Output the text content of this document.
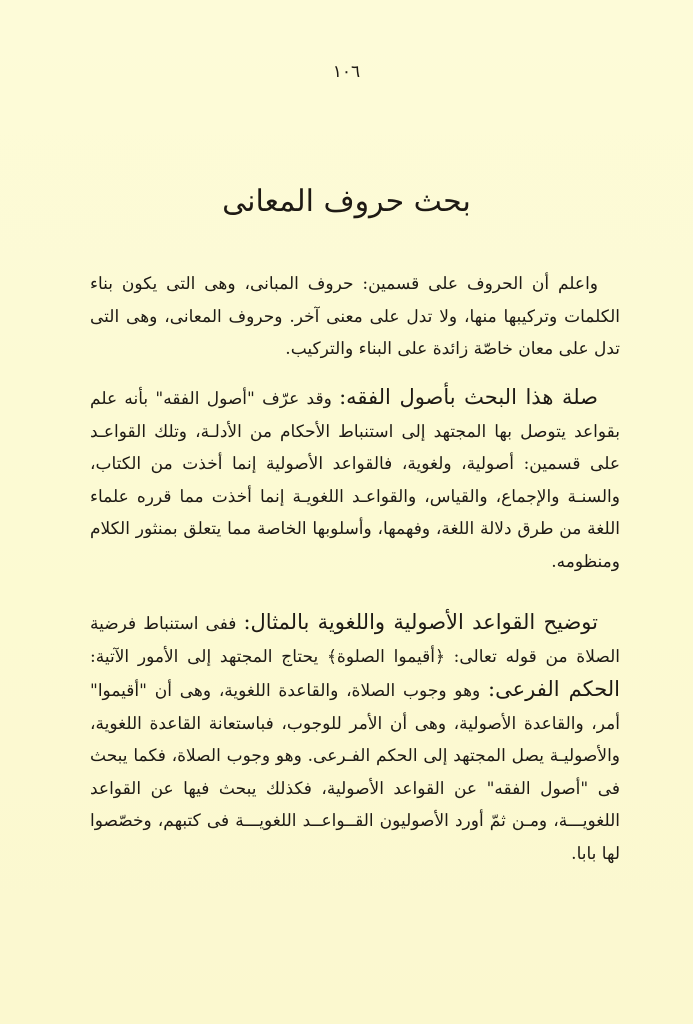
١٠٦
بحث حروف المعانى

واعلم أن الحروف على قسمين: حروف المبانى، وهى التى يكون بناء الكلمات وتركيبها منها، ولا تدل على معنى آخر. وحروف المعانى، وهى التى تدل على معان خاصّة زائدة على البناء والتركيب.

صلة هذا البحث بأصول الفقه: وقد عرّف "أصول الفقه" بأنه علم بقواعد يتوصل بها المجتهد إلى استنباط الأحكام من الأدلـة، وتلك القواعـد على قسمين: أصولية، ولغوية، فالقواعد الأصولية إنما أخذت من الكتاب، والسنـة والإجماع، والقياس، والقواعـد اللغويـة إنما أخذت مما قرره علماء اللغة من طرق دلالة اللغة، وفهمها، وأسلوبها الخاصة مما يتعلق بمنثور الكلام ومنظومه.

توضيح القواعد الأصولية واللغوية بالمثال: ففى استنباط فرضية الصلاة من قوله تعالى: ﴿أقيموا الصلوة﴾ يحتاج المجتهد إلى الأمور الآتية: الحكم الفرعى: وهو وجوب الصلاة، والقاعدة اللغوية، وهى أن "أقيموا" أمر، والقاعدة الأصولية، وهى أن الأمر للوجوب، فباستعانة القاعدة اللغوية، والأصوليـة يصل المجتهد إلى الحكم الفـرعى. وهو وجوب الصلاة، فكما يبحث فى "أصول الفقه" عن القواعد الأصولية، فكذلك يبحث فيها عن القواعد اللغويـــة، ومـن ثمّ أورد الأصوليون القــواعــد اللغويـــة فى كتبهم، وخصّصوا لها بابا.
